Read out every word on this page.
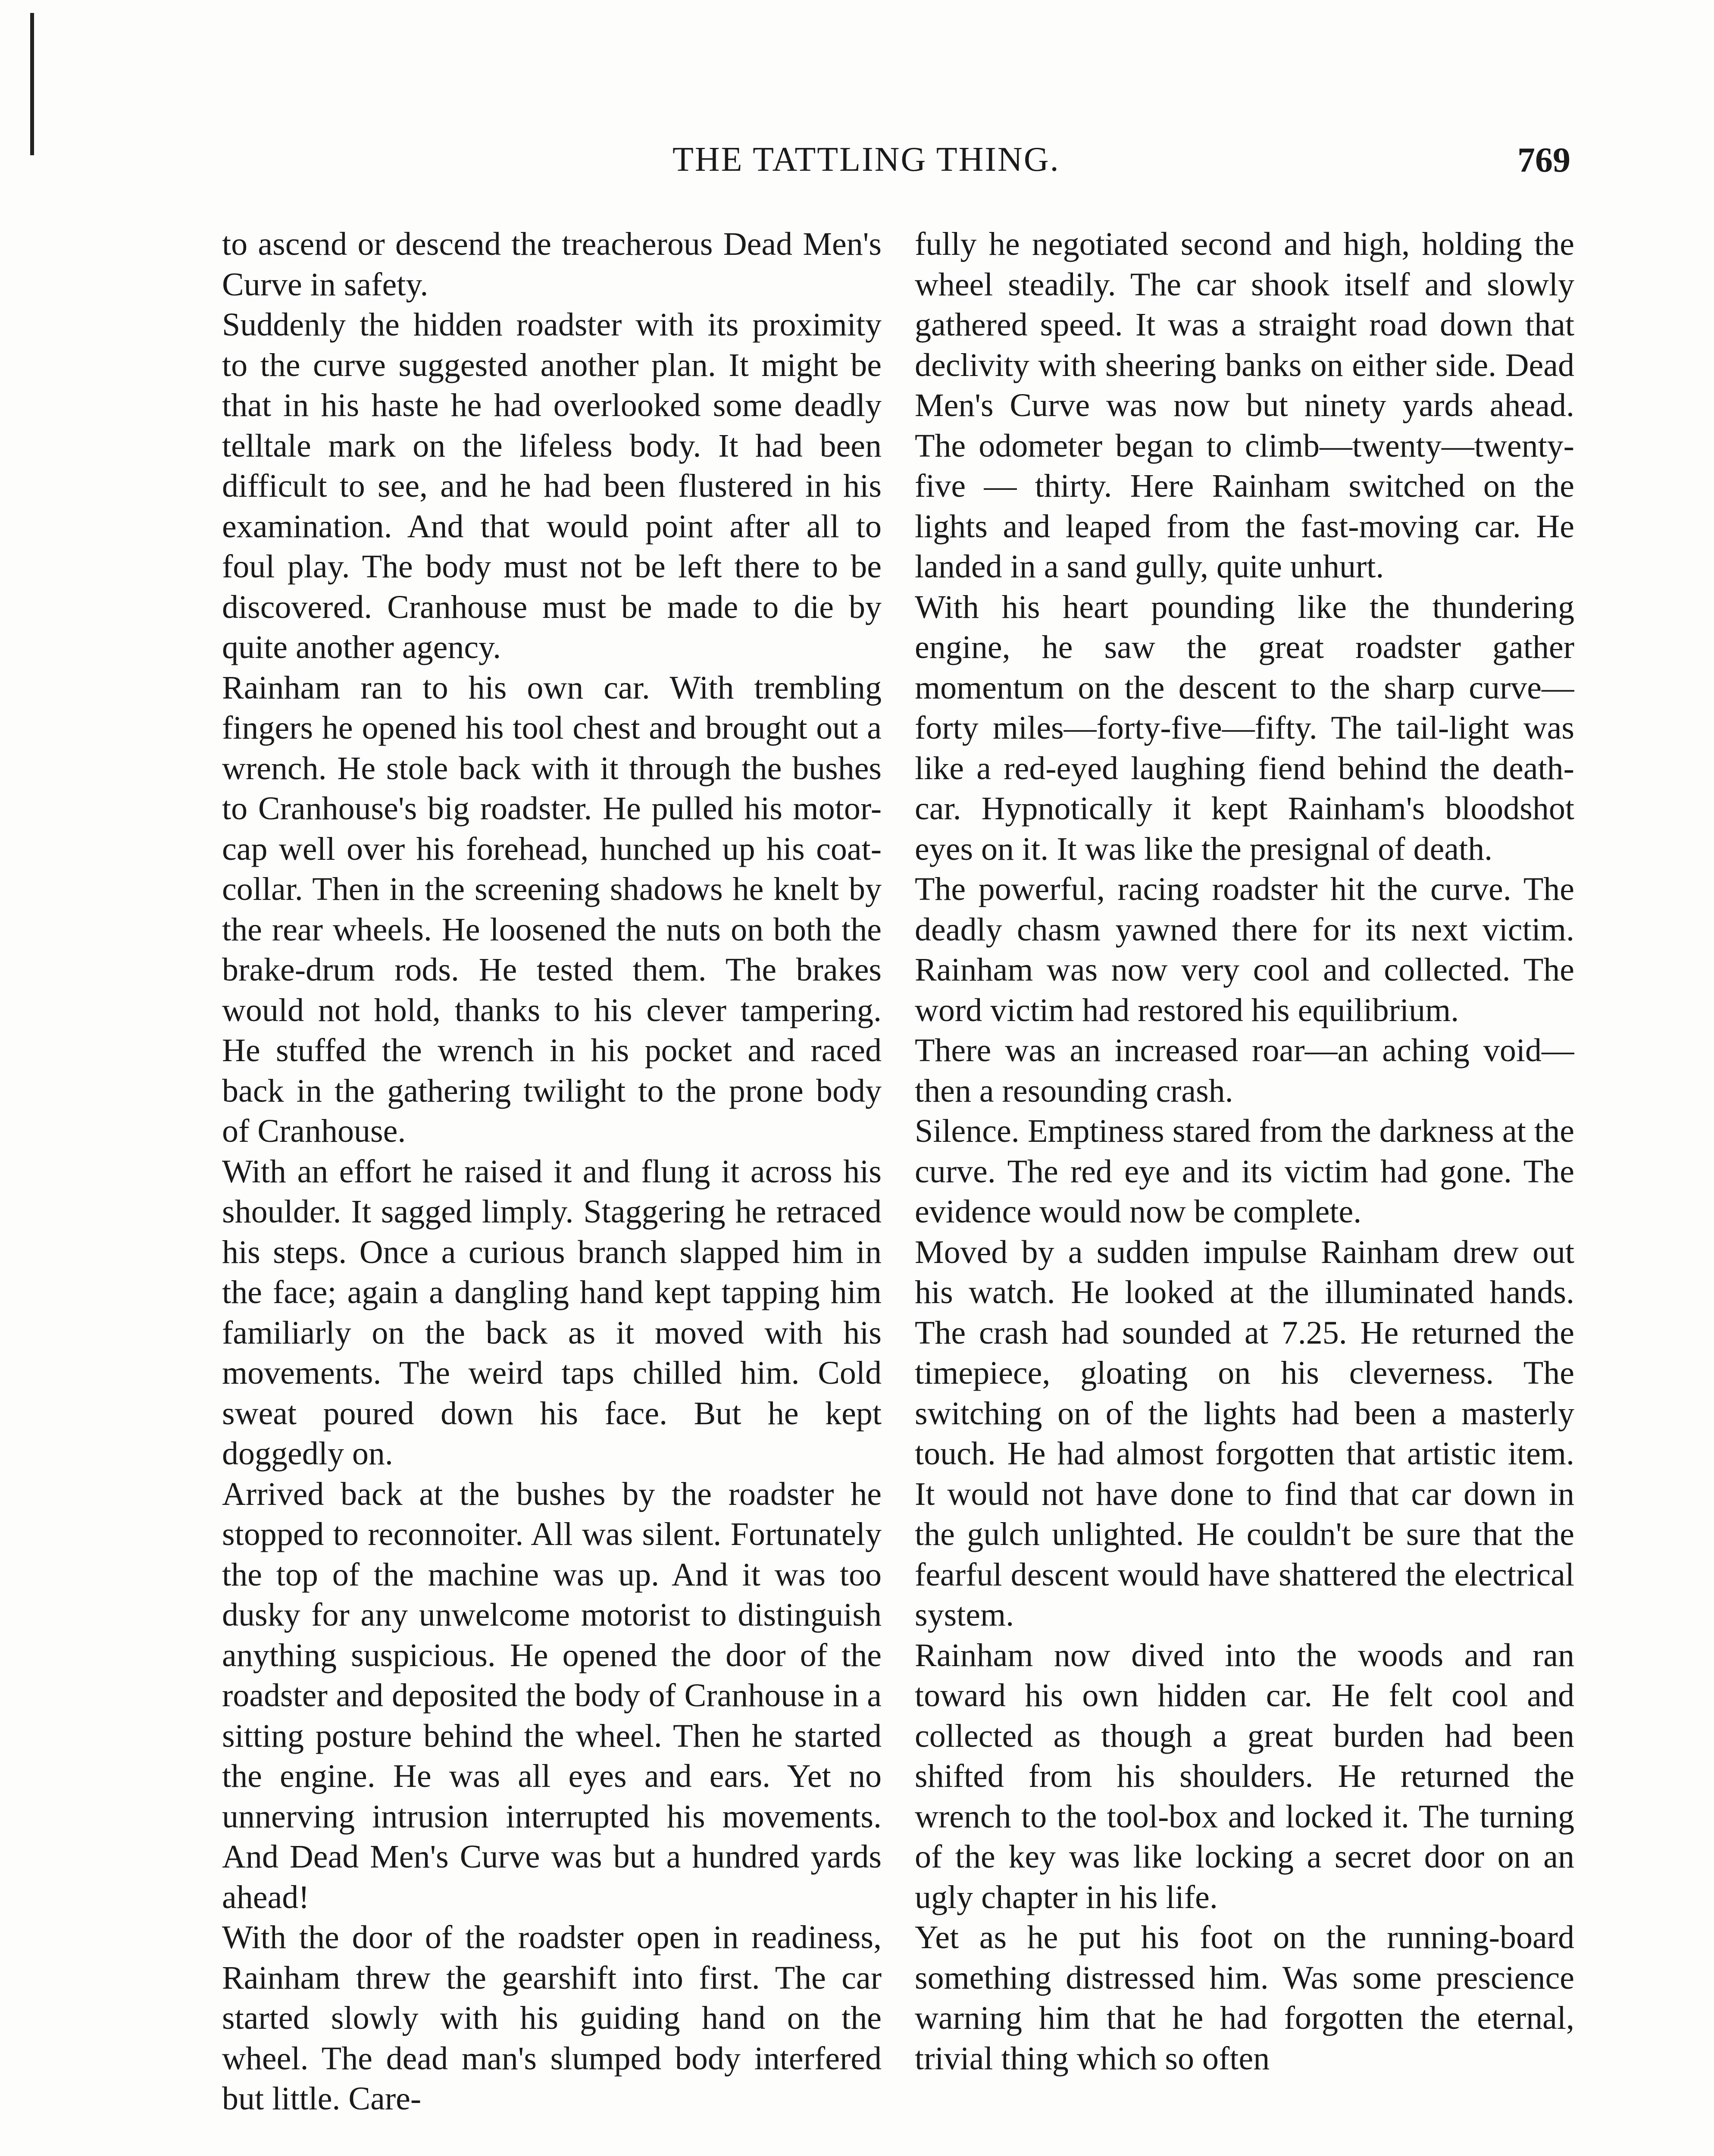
THE TATTLING THING.	769

to ascend or descend the treacherous Dead Men's Curve in safety.

Suddenly the hidden roadster with its proximity to the curve suggested another plan. It might be that in his haste he had overlooked some deadly telltale mark on the lifeless body. It had been difficult to see, and he had been flustered in his examination. And that would point after all to foul play. The body must not be left there to be discovered. Cranhouse must be made to die by quite another agency.

Rainham ran to his own car. With trembling fingers he opened his tool chest and brought out a wrench. He stole back with it through the bushes to Cranhouse's big roadster. He pulled his motor-cap well over his forehead, hunched up his coat-collar. Then in the screening shadows he knelt by the rear wheels. He loosened the nuts on both the brake-drum rods. He tested them. The brakes would not hold, thanks to his clever tampering. He stuffed the wrench in his pocket and raced back in the gathering twilight to the prone body of Cranhouse.

With an effort he raised it and flung it across his shoulder. It sagged limply. Staggering he retraced his steps. Once a curious branch slapped him in the face; again a dangling hand kept tapping him familiarly on the back as it moved with his movements. The weird taps chilled him. Cold sweat poured down his face. But he kept doggedly on.

Arrived back at the bushes by the roadster he stopped to reconnoiter. All was silent. Fortunately the top of the machine was up. And it was too dusky for any unwelcome motorist to distinguish anything suspicious. He opened the door of the roadster and deposited the body of Cranhouse in a sitting posture behind the wheel. Then he started the engine. He was all eyes and ears. Yet no unnerving intrusion interrupted his movements. And Dead Men's Curve was but a hundred yards ahead!

With the door of the roadster open in readiness, Rainham threw the gearshift into first. The car started slowly with his guiding hand on the wheel. The dead man's slumped body interfered but little. Care-

fully he negotiated second and high, holding the wheel steadily. The car shook itself and slowly gathered speed. It was a straight road down that declivity with sheering banks on either side. Dead Men's Curve was now but ninety yards ahead. The odometer began to climb—twenty—twenty-five — thirty. Here Rainham switched on the lights and leaped from the fast-moving car. He landed in a sand gully, quite unhurt.

With his heart pounding like the thundering engine, he saw the great roadster gather momentum on the descent to the sharp curve—forty miles—forty-five—fifty. The tail-light was like a red-eyed laughing fiend behind the death-car. Hypnotically it kept Rainham's bloodshot eyes on it. It was like the presignal of death.

The powerful, racing roadster hit the curve. The deadly chasm yawned there for its next victim. Rainham was now very cool and collected. The word victim had restored his equilibrium.

There was an increased roar—an aching void—then a resounding crash.

Silence. Emptiness stared from the darkness at the curve. The red eye and its victim had gone. The evidence would now be complete.

Moved by a sudden impulse Rainham drew out his watch. He looked at the illuminated hands. The crash had sounded at 7.25. He returned the timepiece, gloating on his cleverness. The switching on of the lights had been a masterly touch. He had almost forgotten that artistic item. It would not have done to find that car down in the gulch unlighted. He couldn't be sure that the fearful descent would have shattered the electrical system.

Rainham now dived into the woods and ran toward his own hidden car. He felt cool and collected as though a great burden had been shifted from his shoulders. He returned the wrench to the tool-box and locked it. The turning of the key was like locking a secret door on an ugly chapter in his life.

Yet as he put his foot on the running-board something distressed him. Was some prescience warning him that he had forgotten the eternal, trivial thing which so often
